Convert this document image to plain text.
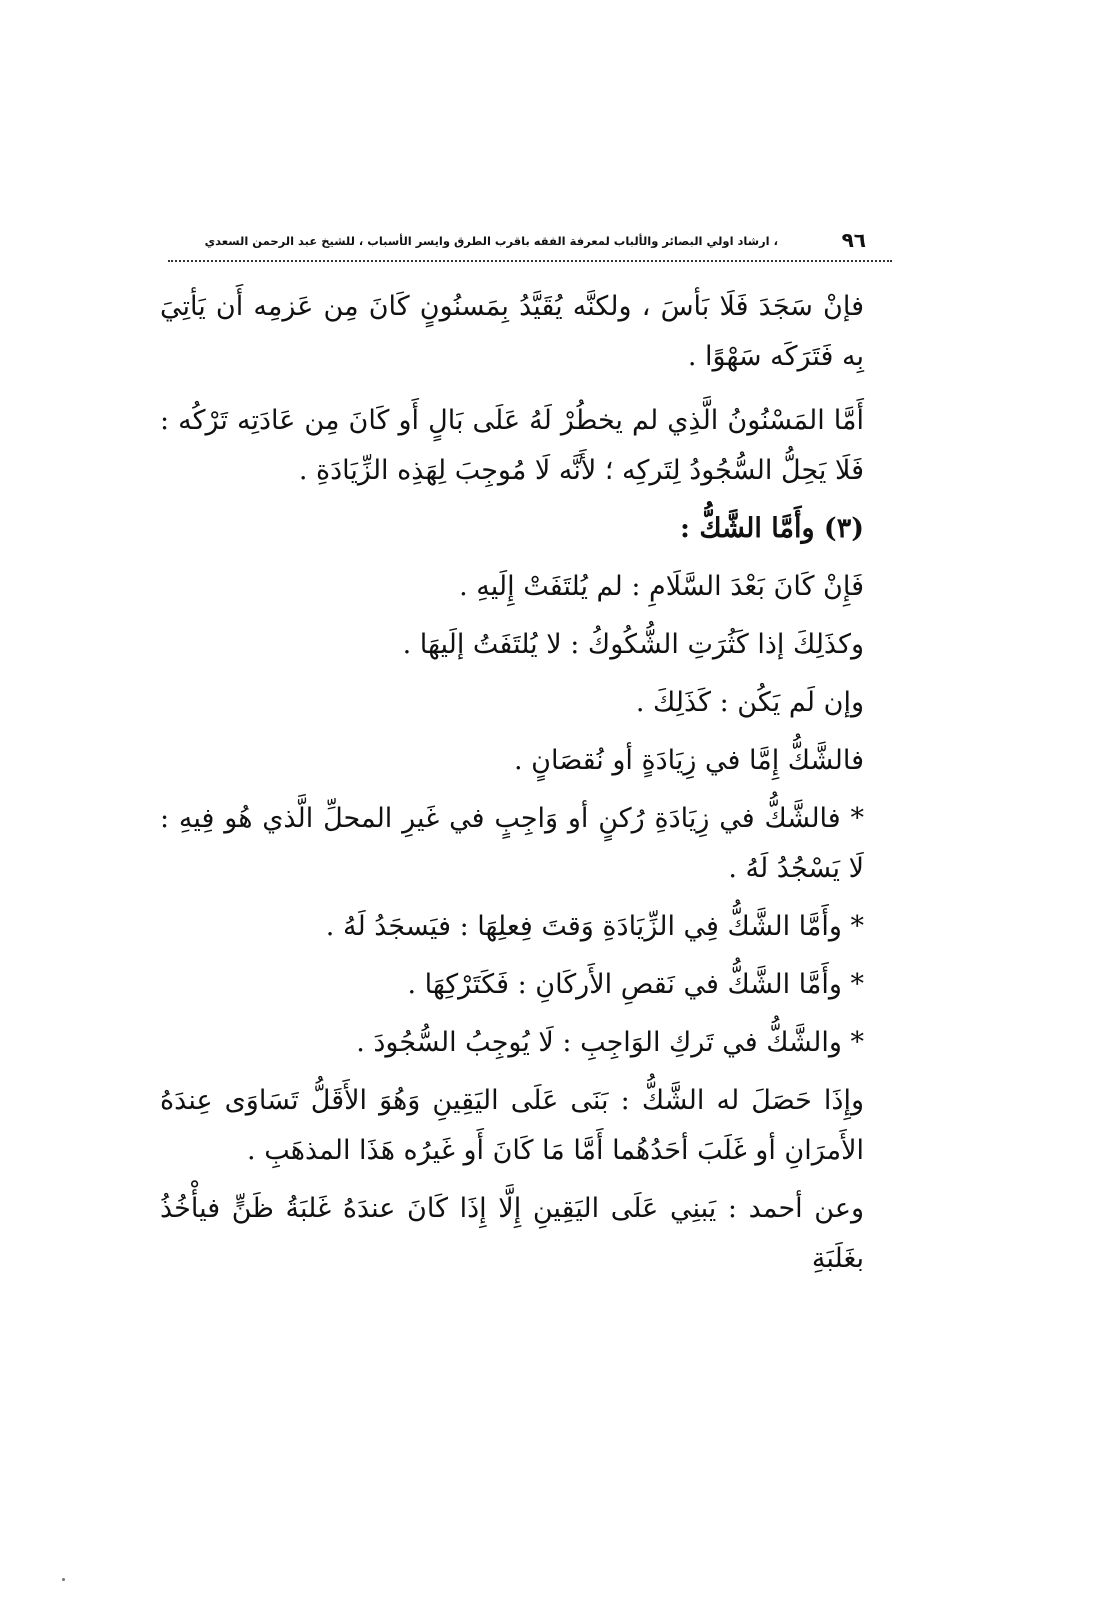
٩٦
، ارشاد اولي البصائر والألباب لمعرفة الفقه باقرب الطرق وايسر الأسباب ، للشيخ عبد الرحمن السعدي

فإنْ سَجَدَ فَلَا بَأسَ ، ولكنَّه يُقَيَّدُ بِمَسنُونٍ كَانَ مِن عَزمِه أَن يَأتِيَ بِه فَتَرَكَه سَهْوًا .

أَمَّا المَسْنُونُ الَّذِي لم يخطُرْ لَهُ عَلَى بَالٍ أَو كَانَ مِن عَادَتِه تَرْكُه : فَلَا يَحِلُّ السُّجُودُ لِتَركِه ؛ لأَنَّه لَا مُوجِبَ لِهَذِه الزِّيَادَةِ .

(٣) وأَمَّا الشَّكُّ :

فَإِنْ كَانَ بَعْدَ السَّلَامِ : لم يُلتَفَتْ إِلَيهِ .

وكذَلِكَ إذا كَثُرَتِ الشُّكُوكُ : لا يُلتَفَتُ إلَيهَا .

وإن لَم يَكُن : كَذَلِكَ .

فالشَّكُّ إِمَّا في زِيَادَةٍ أو نُقصَانٍ .

* فالشَّكُّ في زِيَادَةِ رُكنٍ أو وَاجِبٍ في غَيرِ المحلِّ الَّذي هُو فِيهِ : لَا يَسْجُدُ لَهُ .

* وأَمَّا الشَّكُّ فِي الزِّيَادَةِ وَقتَ فِعلِهَا : فيَسجَدُ لَهُ .

* وأَمَّا الشَّكُّ في نَقصِ الأَركَانِ : فَكَتَرْكِهَا .

* والشَّكُّ في تَركِ الوَاجِبِ : لَا يُوجِبُ السُّجُودَ .

وإِذَا حَصَلَ له الشَّكُّ : بَنَى عَلَى اليَقِينِ وَهُوَ الأَقَلُّ تَسَاوَى عِندَهُ الأَمرَانِ أو غَلَبَ أحَدُهُما أَمَّا مَا كَانَ أَو غَيرُه هَذَا المذهَبِ .

وعن أحمد : يَبنِي عَلَى اليَقِينِ إِلَّا إِذَا كَانَ عندَهُ غَلبَةُ ظَنٍّ فيأْخُذُ بغَلَبَةِ
